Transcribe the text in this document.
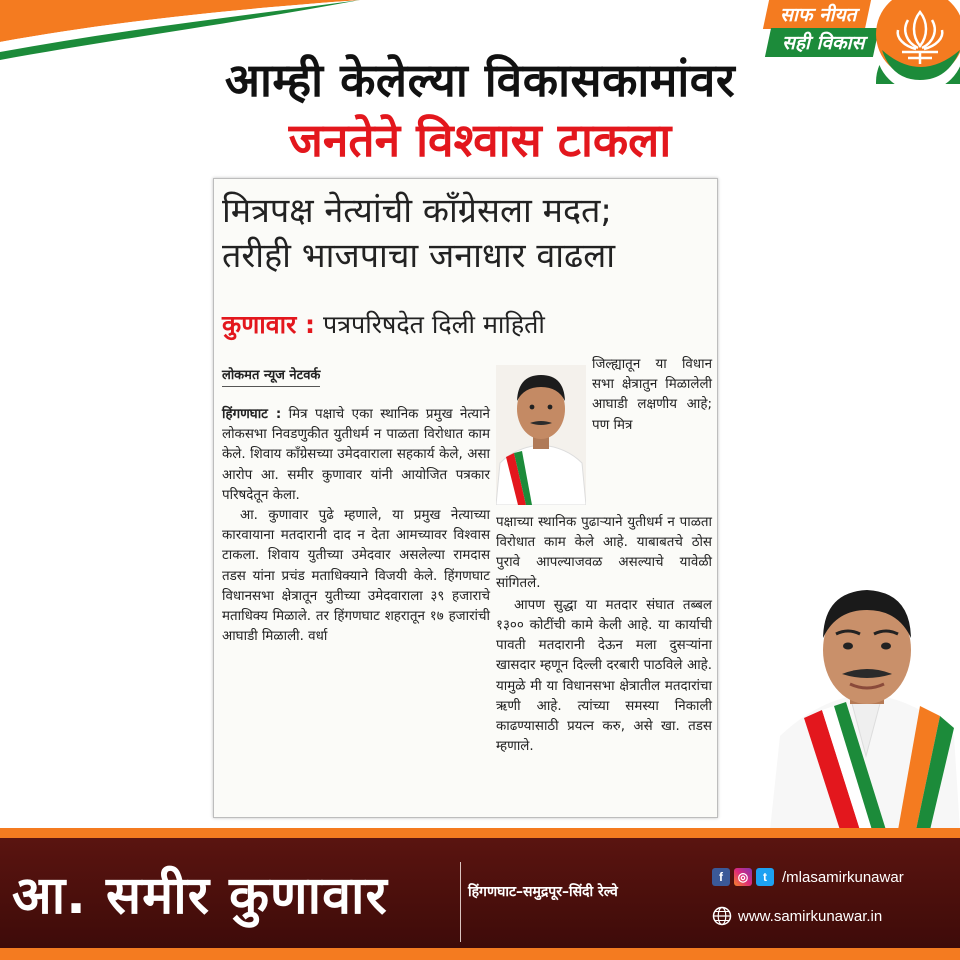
साफ नीयत
सही विकास
आम्ही केलेल्या विकासकामांवर
जनतेने विश्वास टाकला
मित्रपक्ष नेत्यांची काँग्रेसला मदत;
तरीही भाजपाचा जनाधार वाढला
कुणावार : पत्रपरिषदेत दिली माहिती
लोकमत न्यूज नेटवर्क

हिंगणघाट : मित्र पक्षाचे एका स्थानिक प्रमुख नेत्याने लोकसभा निवडणुकीत युतीधर्म न पाळता विरोधात काम केले. शिवाय काँग्रेसच्या उमेदवाराला सहकार्य केले, असा आरोप आ. समीर कुणावार यांनी आयोजित पत्रकार परिषदेतून केला.

आ. कुणावार पुढे म्हणाले, या प्रमुख नेत्याच्या कारवायाना मतदारानी दाद न देता आमच्यावर विश्वास टाकला. शिवाय युतीच्या उमेदवार असलेल्या रामदास तडस यांना प्रचंड मताधिक्याने विजयी केले. हिंगणघाट विधानसभा क्षेत्रातून युतीच्या उमेदवाराला ३९ हजाराचे मताधिक्य मिळाले. तर हिंगणघाट शहरातून १७ हजारांची आघाडी मिळाली. वर्धा

जिल्ह्यातून या विधान सभा क्षेत्रातुन मिळालेली आघाडी लक्षणीय आहे; पण मित्र

पक्षाच्या स्थानिक पुढाऱ्याने युतीधर्म न पाळता विरोधात काम केले आहे. याबाबतचे ठोस पुरावे आपल्याजवळ असल्याचे यावेळी सांगितले.

आपण सुद्धा या मतदार संघात तब्बल १३०० कोटींची कामे केली आहे. या कार्याची पावती मतदारानी देऊन मला दुसऱ्यांना खासदार म्हणून दिल्ली दरबारी पाठविले आहे. यामुळे मी या विधानसभा क्षेत्रातील मतदारांचा ऋणी आहे. त्यांच्या समस्या निकाली काढण्यासाठी प्रयत्न करु, असे खा. तडस म्हणाले.

आ. समीर कुणावार	हिंगणघाट–समुद्रपूर–सिंदी रेल्वे
f	◎	t	/mlasamirkunawar
www.samirkunawar.in
